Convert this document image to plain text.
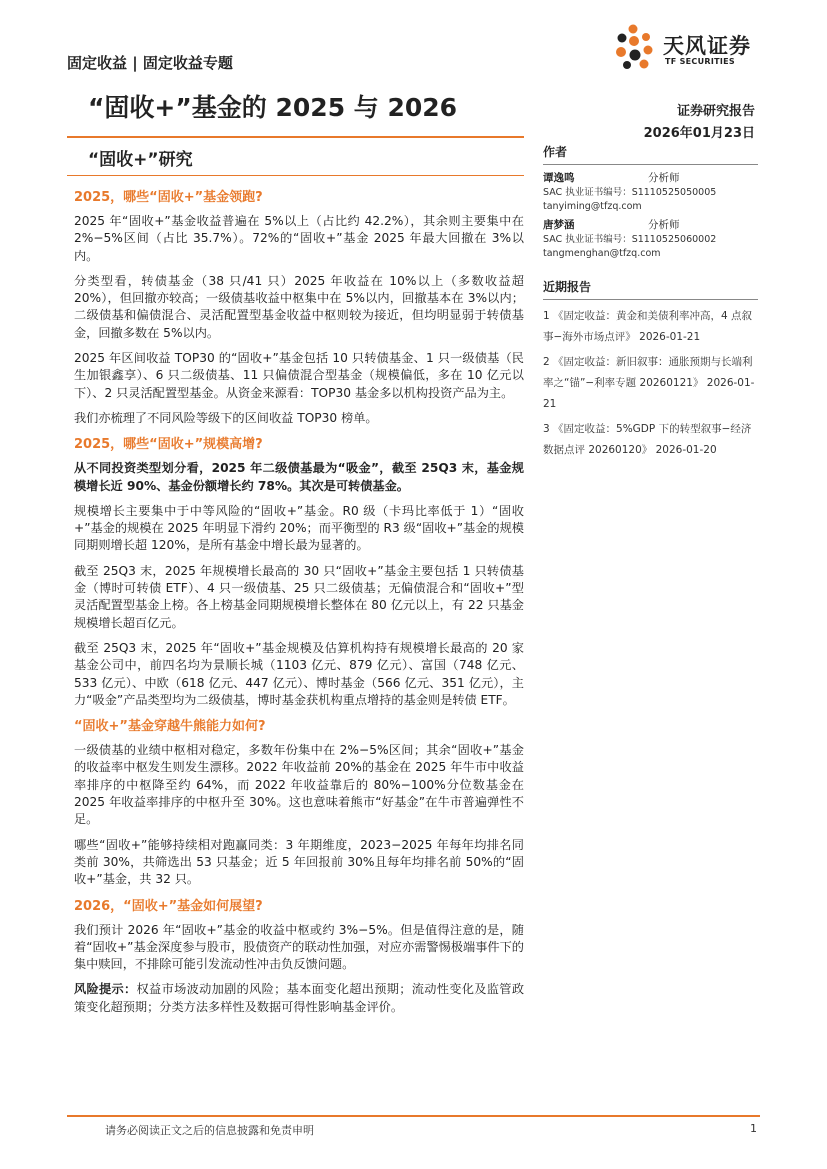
固定收益 | 固定收益专题
天风证券
TF SECURITIES
“固收+”基金的 2025 与 2026	证券研究报告
2026年01月23日
“固收+”研究
2025，哪些“固收+”基金领跑?

2025 年“固收+”基金收益普遍在 5%以上（占比约 42.2%），其余则主要集中在 2%−5%区间（占比 35.7%）。72%的“固收+”基金 2025 年最大回撤在 3%以内。

分类型看，转债基金（38 只/41 只）2025 年收益在 10%以上（多数收益超 20%），但回撤亦较高；一级债基收益中枢集中在 5%以内，回撤基本在 3%以内；二级债基和偏债混合、灵活配置型基金收益中枢则较为接近，但均明显弱于转债基金，回撤多数在 5%以内。

2025 年区间收益 TOP30 的“固收+”基金包括 10 只转债基金、1 只一级债基（民生加银鑫享）、6 只二级债基、11 只偏债混合型基金（规模偏低，多在 10 亿元以下）、2 只灵活配置型基金。从资金来源看：TOP30 基金多以机构投资产品为主。

我们亦梳理了不同风险等级下的区间收益 TOP30 榜单。

2025，哪些“固收+”规模高增?

从不同投资类型划分看，2025 年二级债基最为“吸金”，截至 25Q3 末，基金规模增长近 90%、基金份额增长约 78%。其次是可转债基金。

规模增长主要集中于中等风险的“固收+”基金。R0 级（卡玛比率低于 1）“固收+”基金的规模在 2025 年明显下滑约 20%；而平衡型的 R3 级“固收+”基金的规模同期则增长超 120%，是所有基金中增长最为显著的。

截至 25Q3 末，2025 年规模增长最高的 30 只“固收+”基金主要包括 1 只转债基金（博时可转债 ETF）、4 只一级债基、25 只二级债基；无偏债混合和“固收+”型灵活配置型基金上榜。各上榜基金同期规模增长整体在 80 亿元以上，有 22 只基金规模增长超百亿元。

截至 25Q3 末，2025 年“固收+”基金规模及估算机构持有规模增长最高的 20 家基金公司中，前四名均为景顺长城（1103 亿元、879 亿元）、富国（748 亿元、533 亿元）、中欧（618 亿元、447 亿元）、博时基金（566 亿元、351 亿元），主力“吸金”产品类型均为二级债基，博时基金获机构重点增持的基金则是转债 ETF。

“固收+”基金穿越牛熊能力如何?

一级债基的业绩中枢相对稳定，多数年份集中在 2%−5%区间；其余“固收+”基金的收益率中枢发生则发生漂移。2022 年收益前 20%的基金在 2025 年牛市中收益率排序的中枢降至约 64%，而 2022 年收益靠后的 80%−100%分位数基金在 2025 年收益率排序的中枢升至 30%。这也意味着熊市“好基金”在牛市普遍弹性不足。

哪些“固收+”能够持续相对跑赢同类：3 年期维度，2023−2025 年每年均排名同类前 30%，共筛选出 53 只基金；近 5 年回报前 30%且每年均排名前 50%的“固收+”基金，共 32 只。

2026，“固收+”基金如何展望?

我们预计 2026 年“固收+”基金的收益中枢或约 3%−5%。但是值得注意的是，随着“固收+”基金深度参与股市，股债资产的联动性加强，对应亦需警惕极端事件下的集中赎回，不排除可能引发流动性冲击负反馈问题。

风险提示：权益市场波动加剧的风险；基本面变化超出预期；流动性变化及监管政策变化超预期；分类方法多样性及数据可得性影响基金评价。

作者
谭逸鸣	分析师
SAC 执业证书编号：S1110525050005
tanyiming@tfzq.com
唐梦涵	分析师
SAC 执业证书编号：S1110525060002
tangmenghan@tfzq.com
近期报告
1 《固定收益：黄金和美债利率冲高，4 点叙事−海外市场点评》 2026-01-21
2 《固定收益：新旧叙事：通胀预期与长端利率之“锚”−利率专题 20260121》 2026-01-21
3 《固定收益：5%GDP 下的转型叙事−经济数据点评 20260120》 2026-01-20
请务必阅读正文之后的信息披露和免责申明	1
